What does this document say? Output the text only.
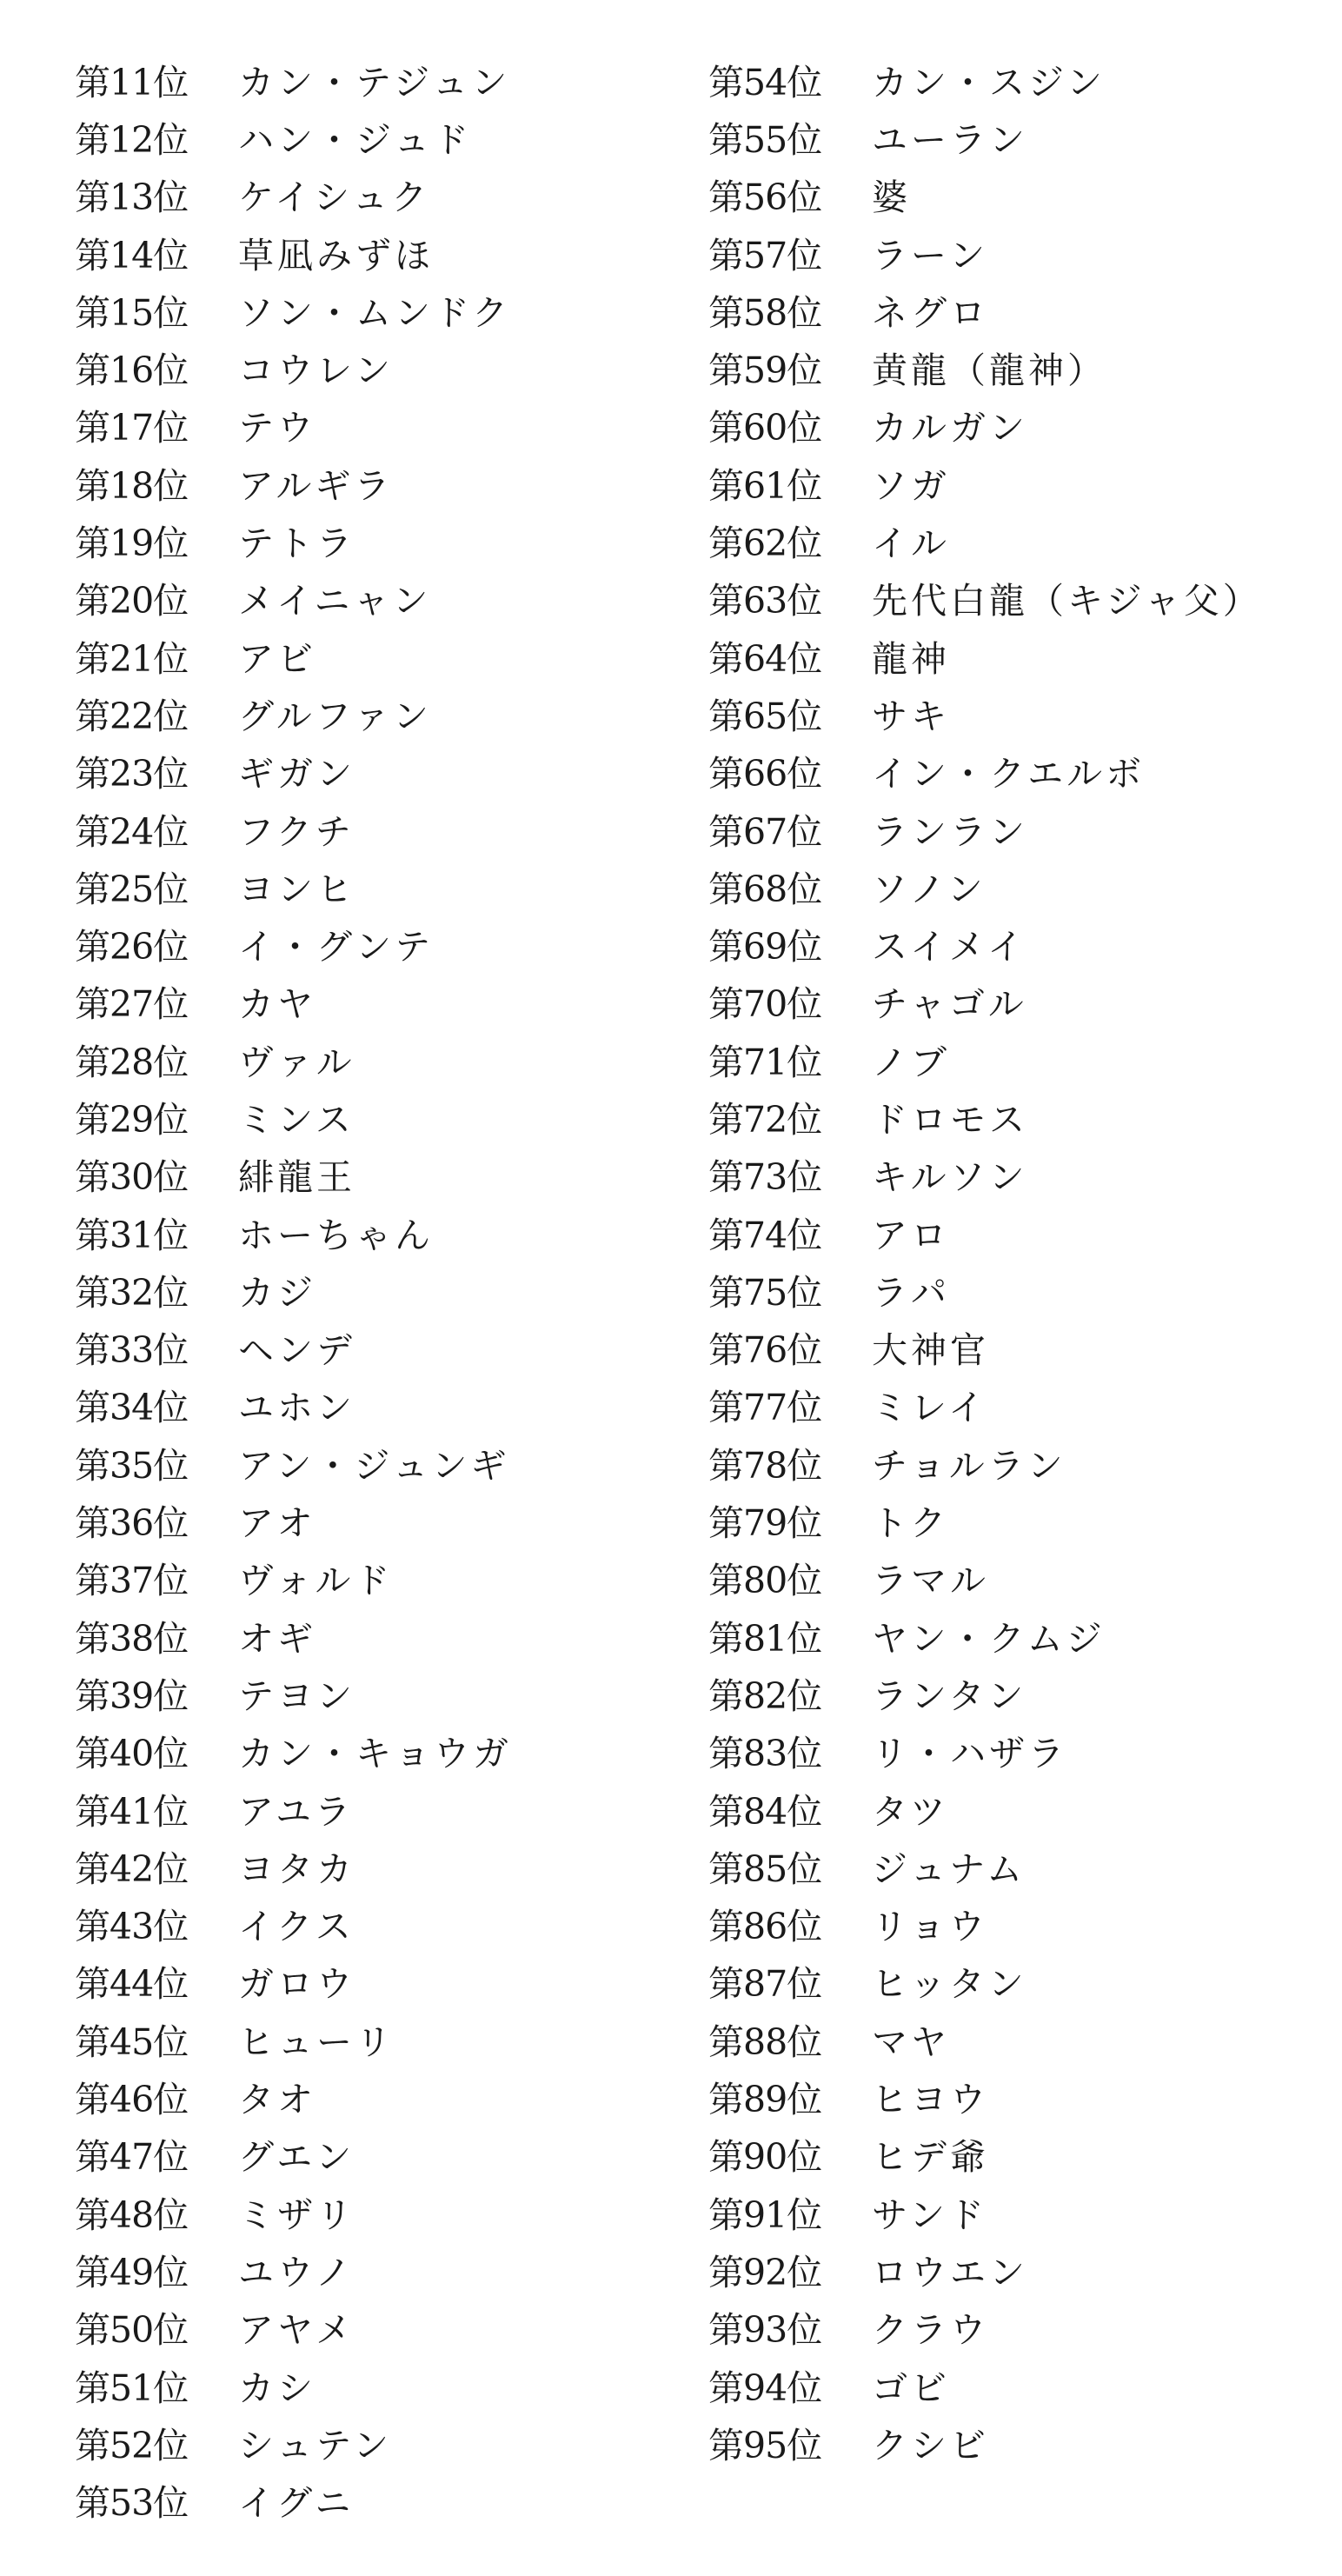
第11位	カン・テジュン
第12位	ハン・ジュド
第13位	ケイシュク
第14位	草凪みずほ
第15位	ソン・ムンドク
第16位	コウレン
第17位	テウ
第18位	アルギラ
第19位	テトラ
第20位	メイニャン
第21位	アビ
第22位	グルファン
第23位	ギガン
第24位	フクチ
第25位	ヨンヒ
第26位	イ・グンテ
第27位	カヤ
第28位	ヴァル
第29位	ミンス
第30位	緋龍王
第31位	ホーちゃん
第32位	カジ
第33位	ヘンデ
第34位	ユホン
第35位	アン・ジュンギ
第36位	アオ
第37位	ヴォルド
第38位	オギ
第39位	テヨン
第40位	カン・キョウガ
第41位	アユラ
第42位	ヨタカ
第43位	イクス
第44位	ガロウ
第45位	ヒューリ
第46位	タオ
第47位	グエン
第48位	ミザリ
第49位	ユウノ
第50位	アヤメ
第51位	カシ
第52位	シュテン
第53位	イグニ
第54位	カン・スジン
第55位	ユーラン
第56位	婆
第57位	ラーン
第58位	ネグロ
第59位	黄龍（龍神）
第60位	カルガン
第61位	ソガ
第62位	イル
第63位	先代白龍（キジャ父）
第64位	龍神
第65位	サキ
第66位	イン・クエルボ
第67位	ランラン
第68位	ソノン
第69位	スイメイ
第70位	チャゴル
第71位	ノブ
第72位	ドロモス
第73位	キルソン
第74位	アロ
第75位	ラパ
第76位	大神官
第77位	ミレイ
第78位	チョルラン
第79位	トク
第80位	ラマル
第81位	ヤン・クムジ
第82位	ランタン
第83位	リ・ハザラ
第84位	タツ
第85位	ジュナム
第86位	リョウ
第87位	ヒッタン
第88位	マヤ
第89位	ヒヨウ
第90位	ヒデ爺
第91位	サンド
第92位	ロウエン
第93位	クラウ
第94位	ゴビ
第95位	クシビ
